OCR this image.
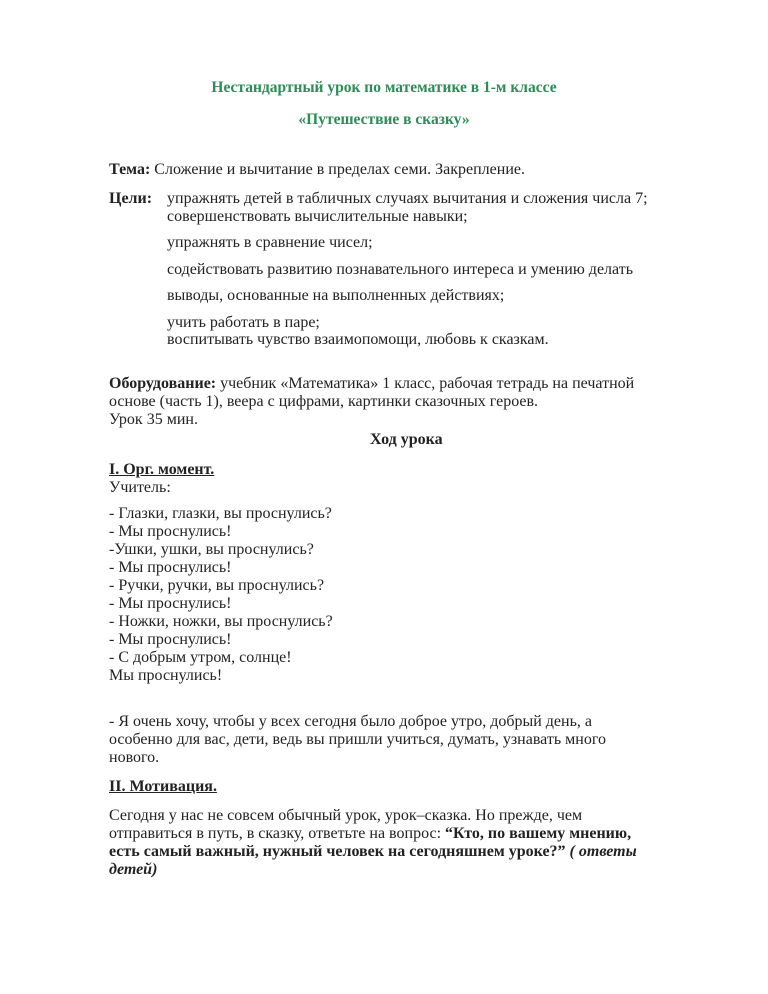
Нестандартный урок по математике в 1-м классе
«Путешествие в сказку»
Тема: Сложение и вычитание в пределах семи. Закрепление.
Цели: упражнять детей в табличных случаях вычитания и сложения числа 7;
совершенствовать вычислительные навыки;
упражнять в сравнение чисел;
содействовать развитию познавательного интереса и умению делать
выводы, основанные на выполненных действиях;
учить работать в паре;
воспитывать чувство взаимопомощи, любовь к сказкам.
Оборудование: учебник «Математика» 1 класс, рабочая тетрадь на печатной
основе (часть 1), веера с цифрами, картинки сказочных героев.
Урок 35 мин.
Ход урока
I. Орг. момент.
Учитель:
- Глазки, глазки, вы проснулись?
- Мы проснулись!
-Ушки, ушки, вы проснулись?
- Мы проснулись!
- Ручки, ручки, вы проснулись?
- Мы проснулись!
- Ножки, ножки, вы проснулись?
- Мы проснулись!
- С добрым утром, солнце!
Мы проснулись!
- Я очень хочу, чтобы у всех сегодня было доброе утро, добрый день, а
особенно для вас, дети, ведь вы пришли учиться, думать, узнавать много
нового.
II. Мотивация.
Сегодня у нас не совсем обычный урок, урок–сказка. Но прежде, чем
отправиться в путь, в сказку, ответьте на вопрос: “Кто, по вашему мнению,
есть самый важный, нужный человек на сегодняшнем уроке?” ( ответы
детей)
